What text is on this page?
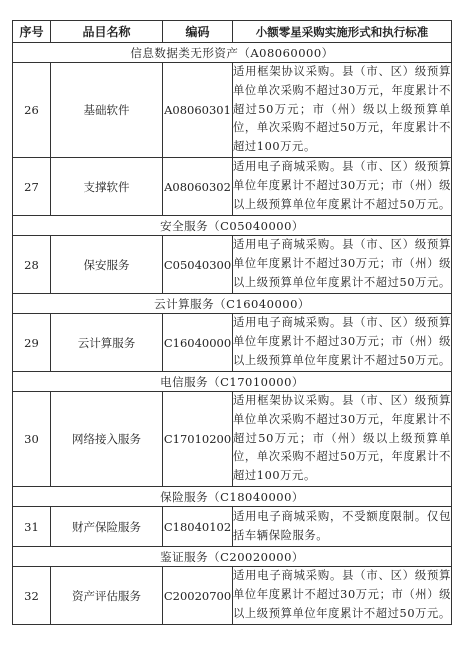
序号	品目名称	编码	小额零星采购实施形式和执行标准
信息数据类无形资产（A08060000）			
26	基础软件	A08060301	适用框架协议采购。县（市、区）级预算单位单次采购不超过30万元，年度累计不超过50万元；市（州）级以上级预算单位，单次采购不超过50万元，年度累计不超过100万元。
27	支撑软件	A08060302	适用电子商城采购。县（市、区）级预算单位年度累计不超过30万元；市（州）级以上级预算单位年度累计不超过50万元。
安全服务（C05040000）			
28	保安服务	C05040300	适用电子商城采购。县（市、区）级预算单位年度累计不超过30万元；市（州）级以上级预算单位年度累计不超过50万元。
云计算服务（C16040000）			
29	云计算服务	C16040000	适用电子商城采购。县（市、区）级预算单位年度累计不超过30万元；市（州）级以上级预算单位年度累计不超过50万元。
电信服务（C17010000）			
30	网络接入服务	C17010200	适用框架协议采购。县（市、区）级预算单位单次采购不超过30万元，年度累计不超过50万元；市（州）级以上级预算单位，单次采购不超过50万元，年度累计不超过100万元。
保险服务（C18040000）			
31	财产保险服务	C18040102	适用电子商城采购，不受额度限制。仅包括车辆保险服务。
鉴证服务（C20020000）			
32	资产评估服务	C20020700	适用电子商城采购。县（市、区）级预算单位年度累计不超过30万元；市（州）级以上级预算单位年度累计不超过50万元。
